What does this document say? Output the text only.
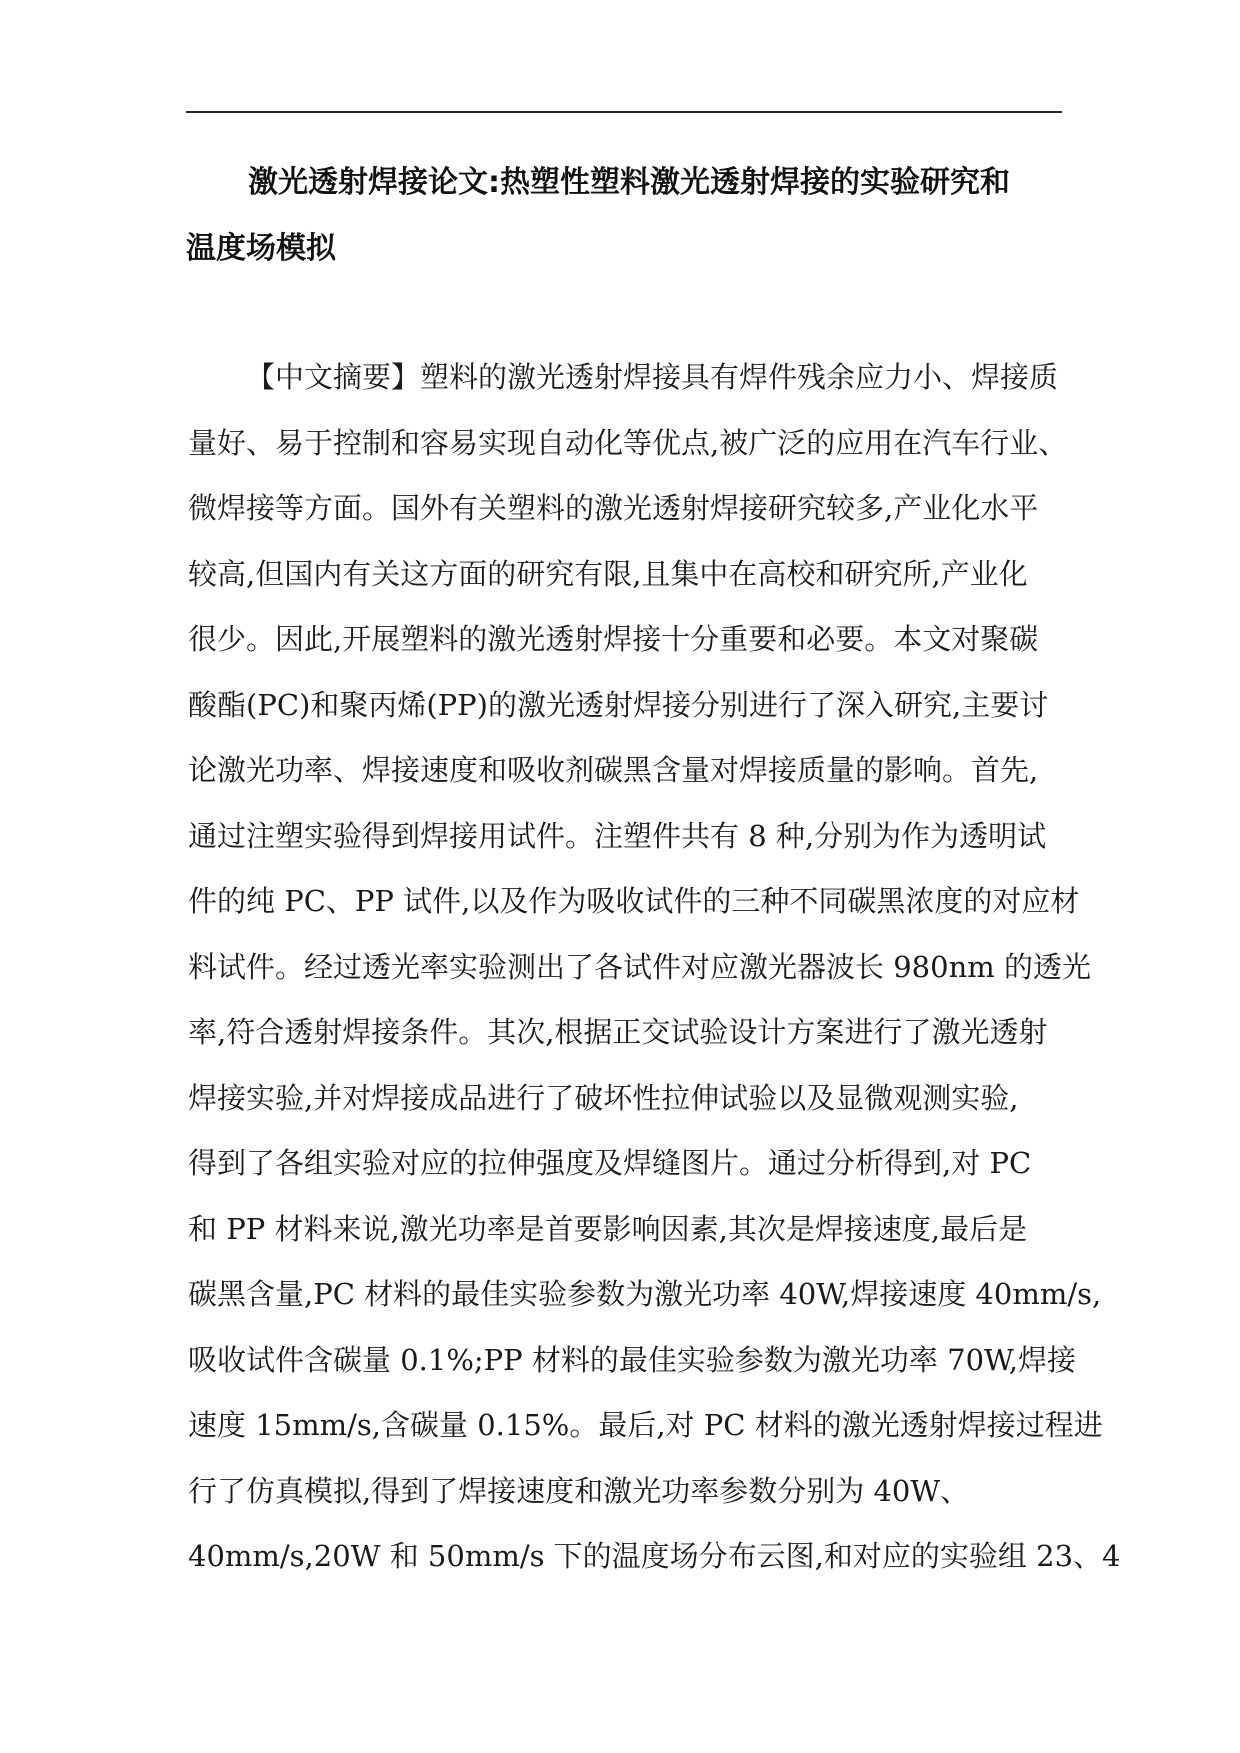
激光透射焊接论文:热塑性塑料激光透射焊接的实验研究和
温度场模拟
【中文摘要】塑料的激光透射焊接具有焊件残余应力小、焊接质
量好、易于控制和容易实现自动化等优点,被广泛的应用在汽车行业、
微焊接等方面。国外有关塑料的激光透射焊接研究较多,产业化水平
较高,但国内有关这方面的研究有限,且集中在高校和研究所,产业化
很少。因此,开展塑料的激光透射焊接十分重要和必要。本文对聚碳
酸酯(PC)和聚丙烯(PP)的激光透射焊接分别进行了深入研究,主要讨
论激光功率、焊接速度和吸收剂碳黑含量对焊接质量的影响。首先,
通过注塑实验得到焊接用试件。注塑件共有 8 种,分别为作为透明试
件的纯 PC、PP 试件,以及作为吸收试件的三种不同碳黑浓度的对应材
料试件。经过透光率实验测出了各试件对应激光器波长 980nm 的透光
率,符合透射焊接条件。其次,根据正交试验设计方案进行了激光透射
焊接实验,并对焊接成品进行了破坏性拉伸试验以及显微观测实验,
得到了各组实验对应的拉伸强度及焊缝图片。通过分析得到,对 PC
和 PP 材料来说,激光功率是首要影响因素,其次是焊接速度,最后是
碳黑含量,PC 材料的最佳实验参数为激光功率 40W,焊接速度 40mm/s,
吸收试件含碳量 0.1%;PP 材料的最佳实验参数为激光功率 70W,焊接
速度 15mm/s,含碳量 0.15%。最后,对 PC 材料的激光透射焊接过程进
行了仿真模拟,得到了焊接速度和激光功率参数分别为 40W、
40mm/s,20W 和 50mm/s 下的温度场分布云图,和对应的实验组 23、4
